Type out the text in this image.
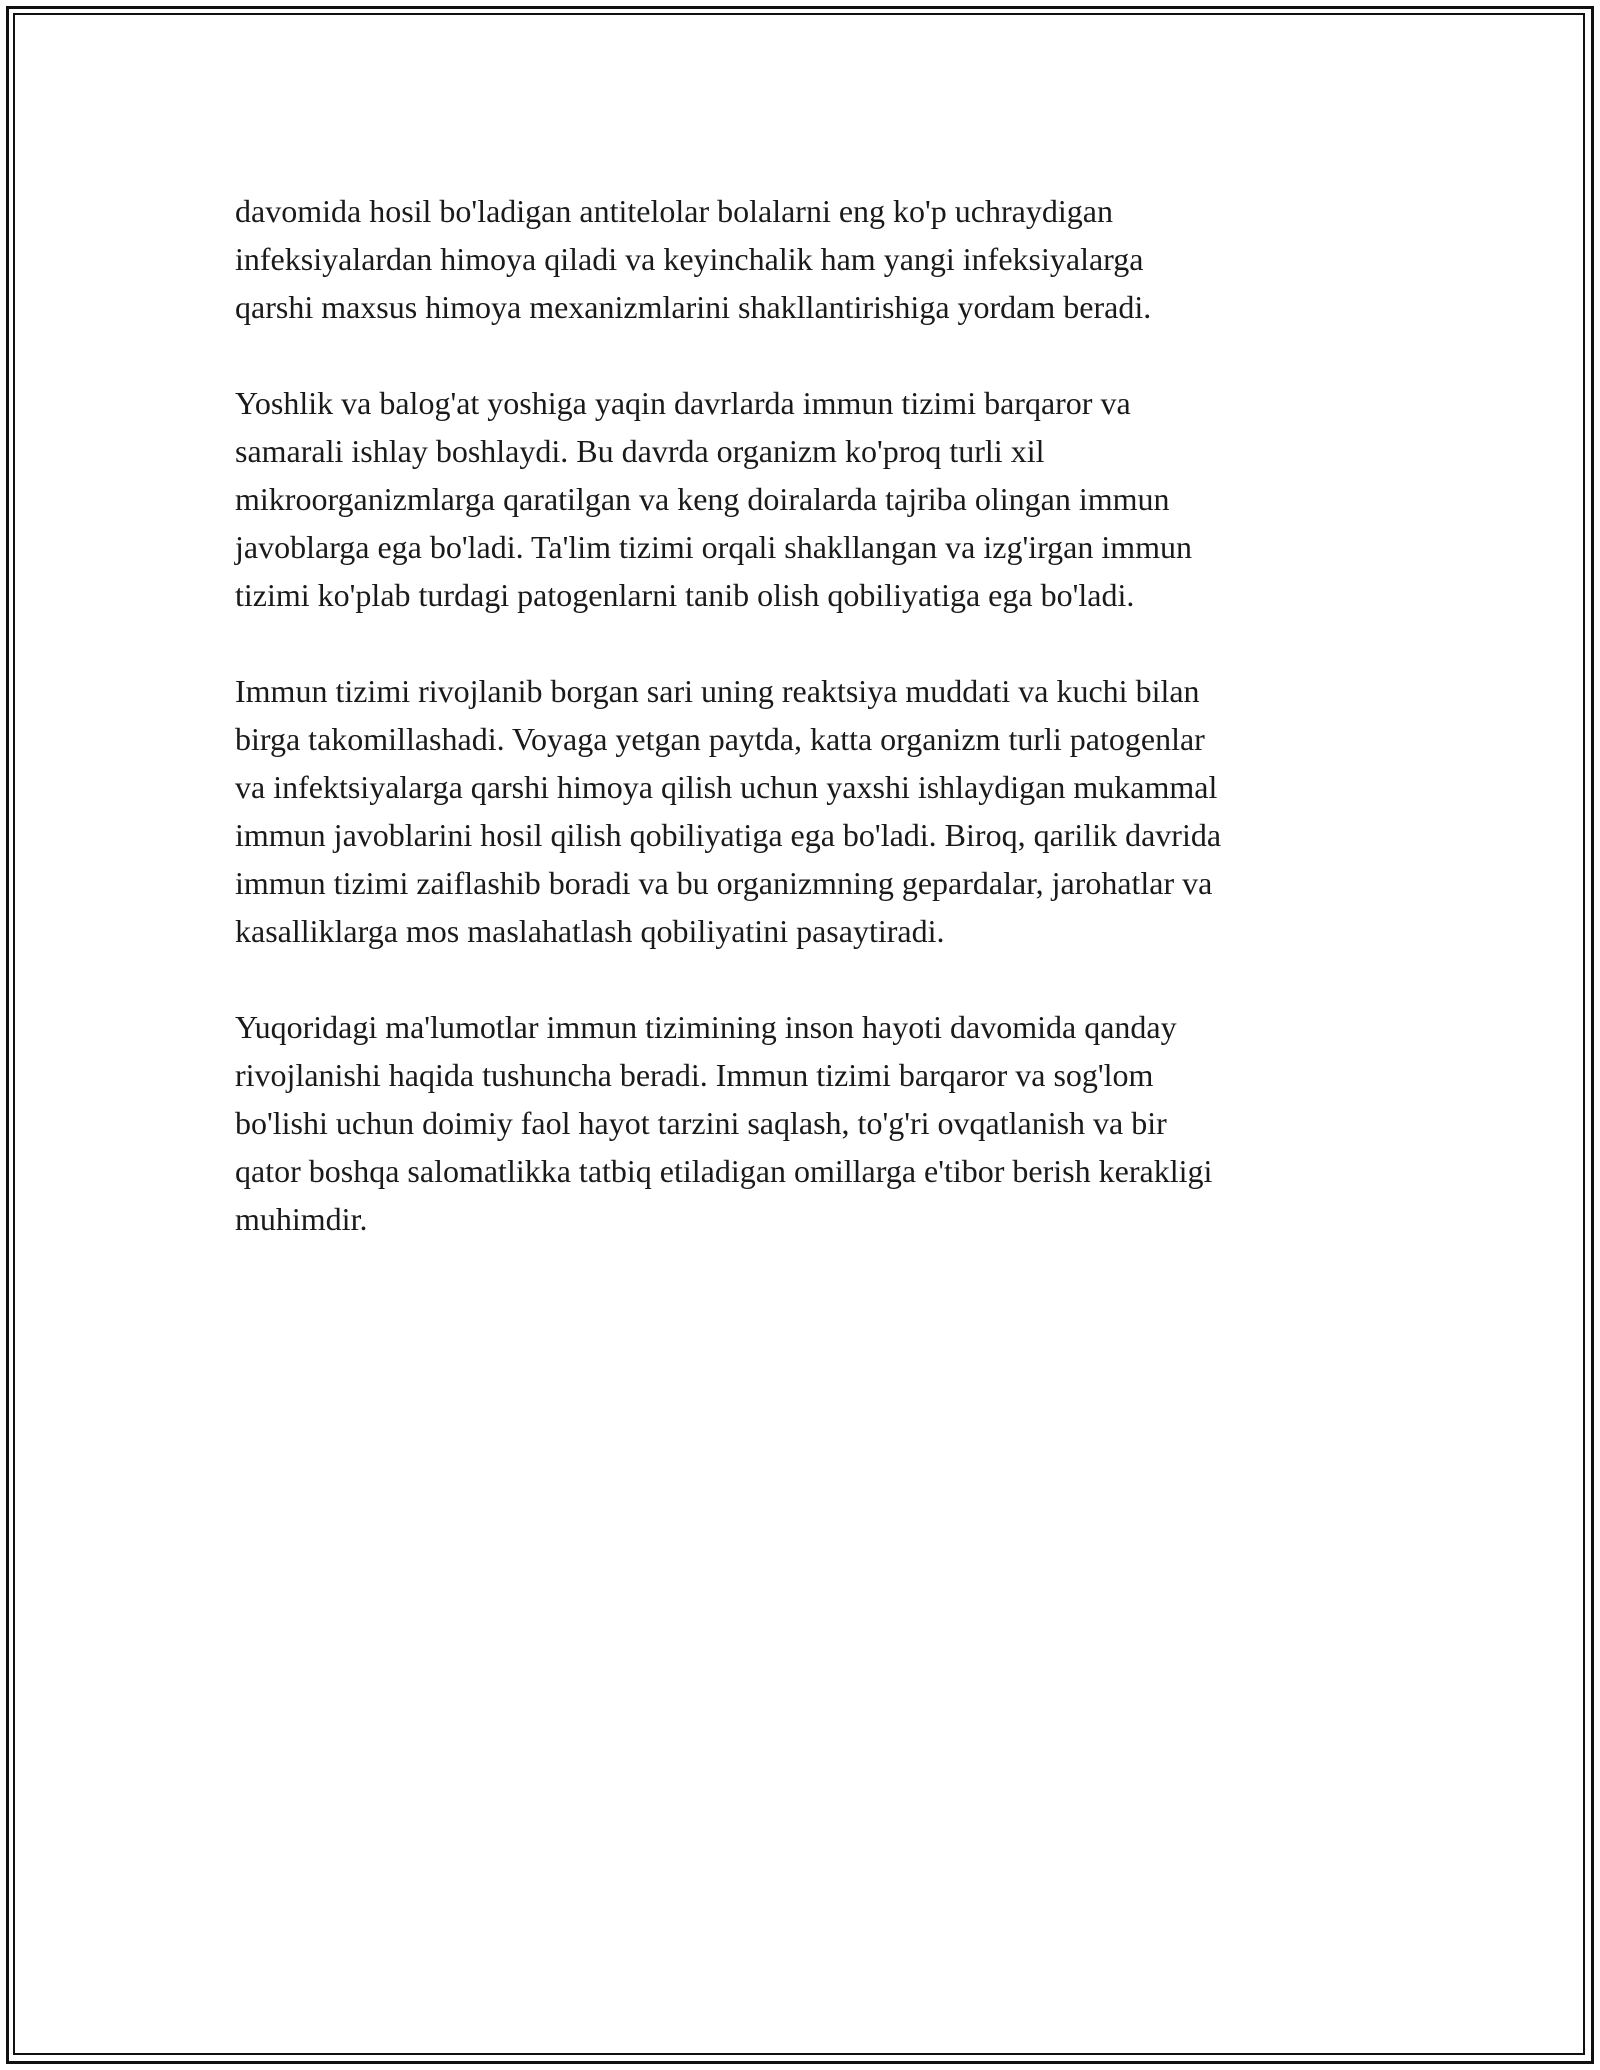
davomida hosil bo'ladigan antitelolar bolalarni eng ko'p uchraydigan
infeksiyalardan himoya qiladi va keyinchalik ham yangi infeksiyalarga
qarshi maxsus himoya mexanizmlarini shakllantirishiga yordam beradi.

Yoshlik va balog'at yoshiga yaqin davrlarda immun tizimi barqaror va
samarali ishlay boshlaydi. Bu davrda organizm ko'proq turli xil
mikroorganizmlarga qaratilgan va keng doiralarda tajriba olingan immun
javoblarga ega bo'ladi. Ta'lim tizimi orqali shakllangan va izg'irgan immun
tizimi ko'plab turdagi patogenlarni tanib olish qobiliyatiga ega bo'ladi.

Immun tizimi rivojlanib borgan sari uning reaktsiya muddati va kuchi bilan
birga takomillashadi. Voyaga yetgan paytda, katta organizm turli patogenlar
va infektsiyalarga qarshi himoya qilish uchun yaxshi ishlaydigan mukammal
immun javoblarini hosil qilish qobiliyatiga ega bo'ladi. Biroq, qarilik davrida
immun tizimi zaiflashib boradi va bu organizmning gepardalar, jarohatlar va
kasalliklarga mos maslahatlash qobiliyatini pasaytiradi.

Yuqoridagi ma'lumotlar immun tizimining inson hayoti davomida qanday
rivojlanishi haqida tushuncha beradi. Immun tizimi barqaror va sog'lom
bo'lishi uchun doimiy faol hayot tarzini saqlash, to'g'ri ovqatlanish va bir
qator boshqa salomatlikka tatbiq etiladigan omillarga e'tibor berish kerakligi
muhimdir.
